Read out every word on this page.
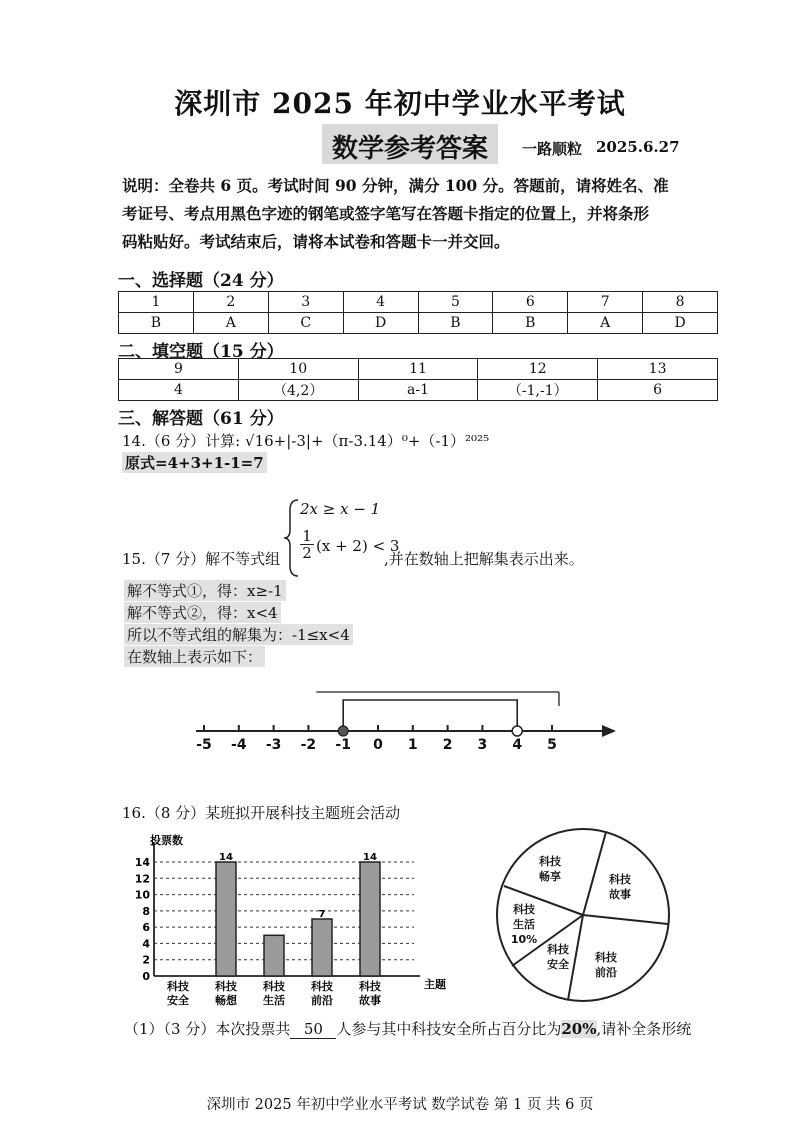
深圳市 2025 年初中学业水平考试
数学参考答案	一路顺粒 2025.6.27
说明：全卷共 6 页。考试时间 90 分钟，满分 100 分。答题前，请将姓名、准
考证号、考点用黑色字迹的钢笔或签字笔写在答题卡指定的位置上，并将条形
码粘贴好。考试结束后，请将本试卷和答题卡一并交回。
一、选择题（24 分）
1	2	3	4	5	6	7	8
B	A	C	D	B	B	A	D
二、填空题（15 分）
9	10	11	12	13
4	（4,2）	a-1	（-1,-1）	6
三、解答题（61 分）
14.（6 分）计算: √16+|-3|+（π-3.14）⁰+（-1）²⁰²⁵
原式=4+3+1-1=7
2x ≥ x − 1
$\frac{1}{2} (x + 2) < 3$
15.（7 分）解不等式组	,并在数轴上把解集表示出来。
解不等式①，得：x≥-1
解不等式②，得：x<4
所以不等式组的解集为：-1≤x<4
在数轴上表示如下：
-5 -4 -3 -2 -1 0 1 2 3 4 5
16.（8 分）某班拟开展科技主题班会活动
投票数
主题
0
2
4
6
8
10
12
14
科技安全
14
科技畅想
科技生活
7
科技前沿
14
科技故事
科技
畅享	科技
故事
科技
前沿
科技
安全
科技
生活
10%
（1）（3 分）本次投票共 50 人参与其中科技安全所占百分比为20%,请补全条形统
深圳市 2025 年初中学业水平考试 数学试卷 第 1 页 共 6 页
